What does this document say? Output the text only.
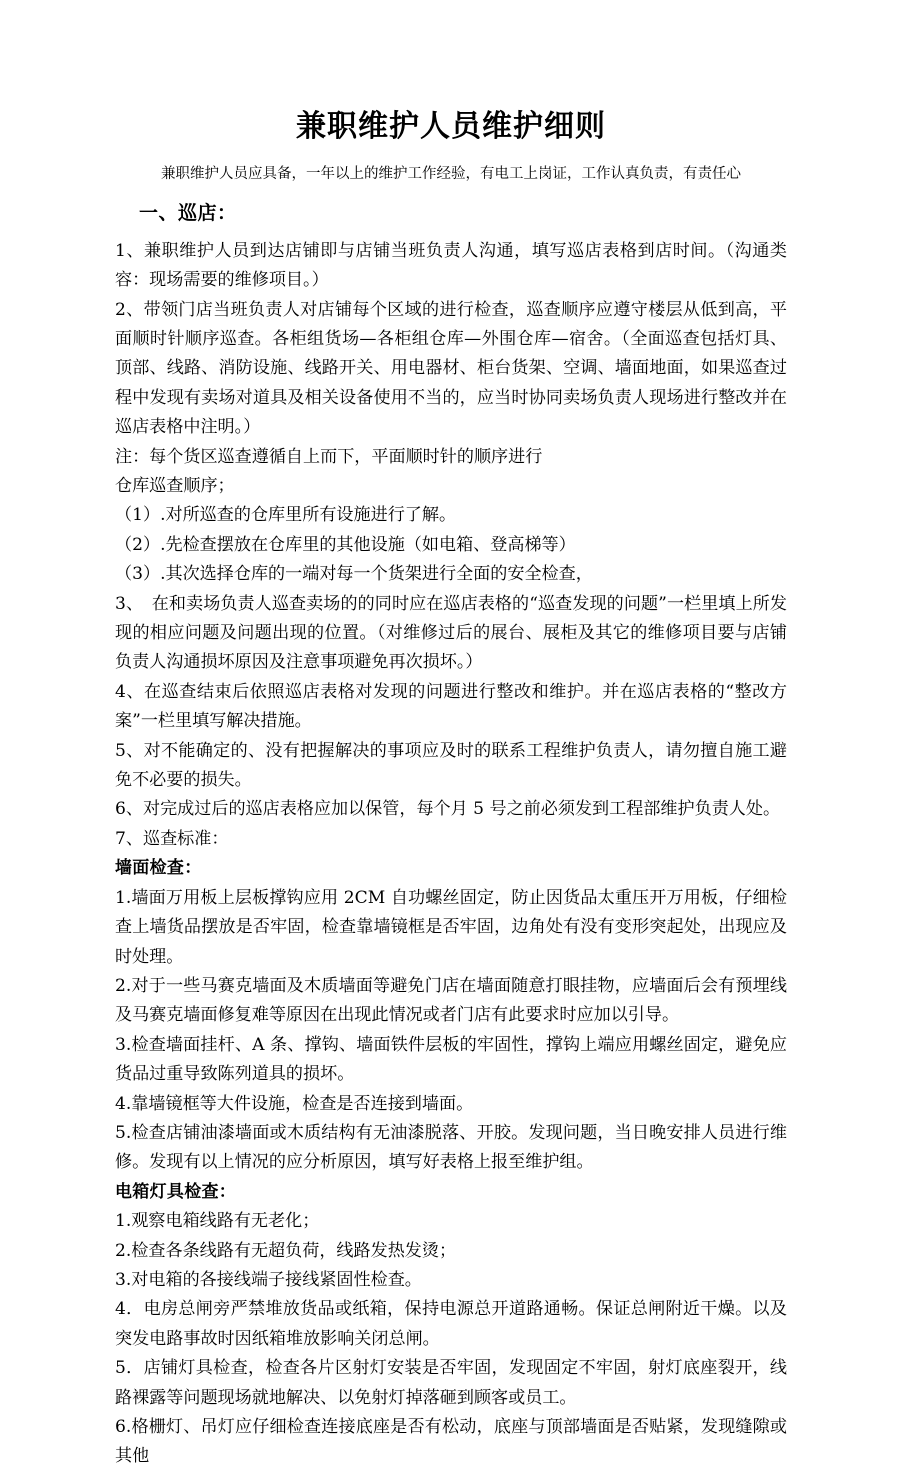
兼职维护人员维护细则

兼职维护人员应具备，一年以上的维护工作经验，有电工上岗证，工作认真负责，有责任心

一、巡店：

1、兼职维护人员到达店铺即与店铺当班负责人沟通，填写巡店表格到店时间。（沟通类容：现场需要的维修项目。）

2、带领门店当班负责人对店铺每个区域的进行检查，巡查顺序应遵守楼层从低到高，平面顺时针顺序巡查。各柜组货场—各柜组仓库—外围仓库—宿舍。（全面巡查包括灯具、顶部、线路、消防设施、线路开关、用电器材、柜台货架、空调、墙面地面，如果巡查过程中发现有卖场对道具及相关设备使用不当的，应当时协同卖场负责人现场进行整改并在巡店表格中注明。）

注：每个货区巡查遵循自上而下，平面顺时针的顺序进行

仓库巡查顺序；

（1）.对所巡查的仓库里所有设施进行了解。

（2）.先检查摆放在仓库里的其他设施（如电箱、登高梯等）

（3）.其次选择仓库的一端对每一个货架进行全面的安全检查，

3、　在和卖场负责人巡查卖场的的同时应在巡店表格的“巡查发现的问题”一栏里填上所发现的相应问题及问题出现的位置。（对维修过后的展台、展柜及其它的维修项目要与店铺负责人沟通损坏原因及注意事项避免再次损坏。）

4、在巡查结束后依照巡店表格对发现的问题进行整改和维护。并在巡店表格的“整改方案”一栏里填写解决措施。

5、对不能确定的、没有把握解决的事项应及时的联系工程维护负责人，请勿擅自施工避免不必要的损失。

6、对完成过后的巡店表格应加以保管，每个月 5 号之前必须发到工程部维护负责人处。

7、巡查标准：

墙面检查：

1.墙面万用板上层板撑钩应用 2CM 自功螺丝固定，防止因货品太重压开万用板，仔细检查上墙货品摆放是否牢固，检查靠墙镜框是否牢固，边角处有没有变形突起处，出现应及时处理。

2.对于一些马赛克墙面及木质墙面等避免门店在墙面随意打眼挂物，应墙面后会有预埋线及马赛克墙面修复难等原因在出现此情况或者门店有此要求时应加以引导。

3.检查墙面挂杆、A 条、撑钩、墙面铁件层板的牢固性，撑钩上端应用螺丝固定，避免应货品过重导致陈列道具的损坏。

4.靠墙镜框等大件设施，检查是否连接到墙面。

5.检查店铺油漆墙面或木质结构有无油漆脱落、开胶。发现问题，当日晚安排人员进行维修。发现有以上情况的应分析原因，填写好表格上报至维护组。

电箱灯具检查：

1.观察电箱线路有无老化；

2.检查各条线路有无超负荷，线路发热发烫；

3.对电箱的各接线端子接线紧固性检查。

4．电房总闸旁严禁堆放货品或纸箱，保持电源总开道路通畅。保证总闸附近干燥。以及突发电路事故时因纸箱堆放影响关闭总闸。

5．店铺灯具检查，检查各片区射灯安装是否牢固，发现固定不牢固，射灯底座裂开，线路裸露等问题现场就地解决、以免射灯掉落砸到顾客或员工。

6.格栅灯、吊灯应仔细检查连接底座是否有松动，底座与顶部墙面是否贴紧，发现缝隙或其他
